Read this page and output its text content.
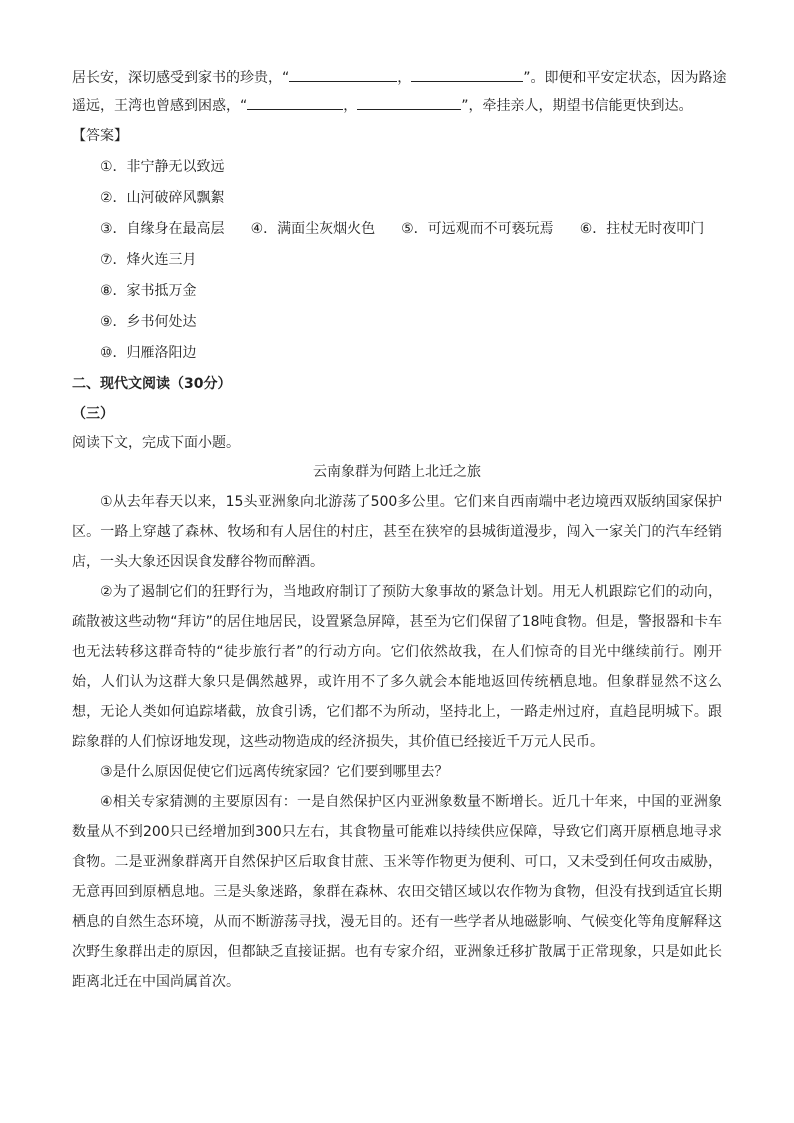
居长安，深切感受到家书的珍贵，“	，	”。即便和平安定状态，因为路途

遥远，王湾也曾感到困惑，“	，	”，牵挂亲人，期望书信能更快到达。

【答案】

①．非宁静无以致远

②．山河破碎风飘絮

③．自缘身在最高层 ④．满面尘灰烟火色 ⑤．可远观而不可亵玩焉 ⑥．拄杖无时夜叩门

⑦．烽火连三月

⑧．家书抵万金

⑨．乡书何处达

⑩．归雁洛阳边

二、现代文阅读（30分）

（三）

阅读下文，完成下面小题。

云南象群为何踏上北迁之旅

①从去年春天以来，15头亚洲象向北游荡了500多公里。它们来自西南端中老边境西双版纳国家保护区。一路上穿越了森林、牧场和有人居住的村庄，甚至在狭窄的县城街道漫步，闯入一家关门的汽车经销店，一头大象还因误食发酵谷物而醉酒。

②为了遏制它们的狂野行为，当地政府制订了预防大象事故的紧急计划。用无人机跟踪它们的动向，疏散被这些动物“拜访”的居住地居民，设置紧急屏障，甚至为它们保留了18吨食物。但是，警报器和卡车也无法转移这群奇特的“徒步旅行者”的行动方向。它们依然故我，在人们惊奇的目光中继续前行。刚开始，人们认为这群大象只是偶然越界，或许用不了多久就会本能地返回传统栖息地。但象群显然不这么想，无论人类如何追踪堵截，放食引诱，它们都不为所动，坚持北上，一路走州过府，直趋昆明城下。跟踪象群的人们惊讶地发现，这些动物造成的经济损失，其价值已经接近千万元人民币。

③是什么原因促使它们远离传统家园？它们要到哪里去？

④相关专家猜测的主要原因有：一是自然保护区内亚洲象数量不断增长。近几十年来，中国的亚洲象数量从不到200只已经增加到300只左右，其食物量可能难以持续供应保障，导致它们离开原栖息地寻求食物。二是亚洲象群离开自然保护区后取食甘蔗、玉米等作物更为便利、可口，又未受到任何攻击威胁，无意再回到原栖息地。三是头象迷路，象群在森林、农田交错区域以农作物为食物，但没有找到适宜长期栖息的自然生态环境，从而不断游荡寻找，漫无目的。还有一些学者从地磁影响、气候变化等角度解释这次野生象群出走的原因，但都缺乏直接证据。也有专家介绍，亚洲象迁移扩散属于正常现象，只是如此长距离北迁在中国尚属首次。
